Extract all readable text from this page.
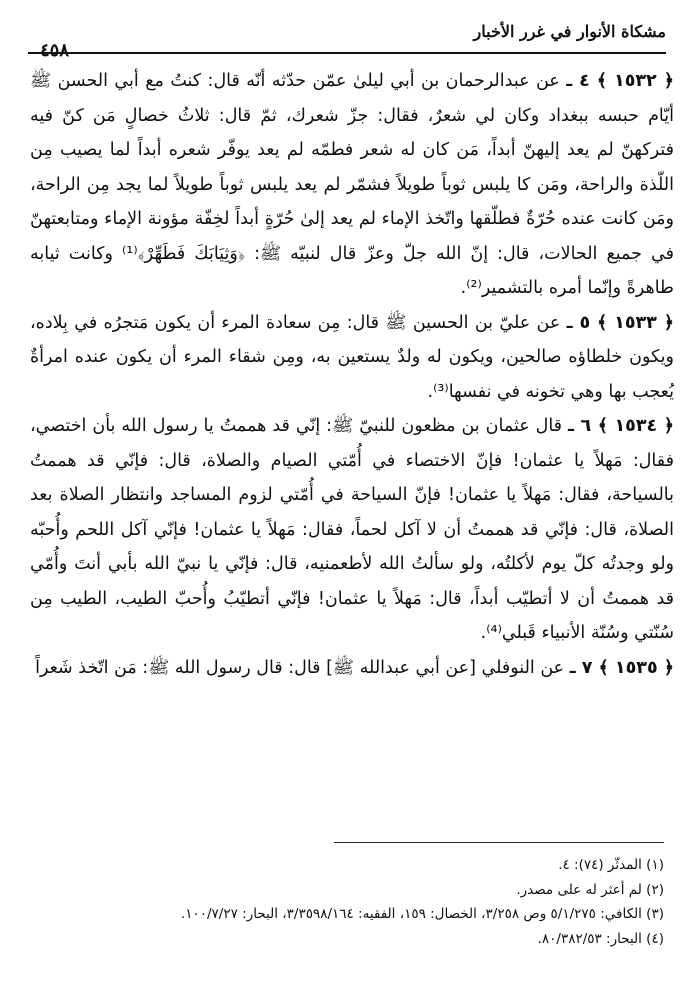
مشكاة الأنوار في غرر الأخبار
٤٥٨

﴿ ١٥٣٢ ﴾ ٤ ـ عن عبدالرحمان بن أبي ليلىٰ عمّن حدّثه أنّه قال: كنتُ مع أبي الحسن ﷺ أيّام حبسه ببغداد وكان لي شعرٌ، فقال: جزّ شعرك، ثمّ قال: ثلاثُ خصالٍ مَن كنّ فيه فتركهنّ لم يعد إليهنّ أبداً، مَن كان له شعر فطمّه لم يعد يوفّر شعره أبداً لما يصيب مِن اللّذة والراحة، ومَن كا يلبس ثوباً طويلاً فشمّر لم يعد يلبس ثوباً طويلاً لما يجد مِن الراحة، ومَن كانت عنده حُرّةٌ فطلّقها واتّخذ الإماء لم يعد إلىٰ حُرّةٍ أبداً لخِفّة مؤونة الإماء ومتابعتهنّ في جميع الحالات، قال: إنّ الله جلّ وعزّ قال لنبيّه ﷺ: ﴿وَثِيَابَكَ فَطَهِّرْ﴾⁽¹⁾ وكانت ثيابه طاهرةً وإنّما أمره بالتشمير⁽²⁾.

﴿ ١٥٣٣ ﴾ ٥ ـ عن عليّ بن الحسين ﷺ قال: مِن سعادة المرء أن يكون مَتجرُه في بِلاده، ويكون خلطاؤه صالحين، ويكون له ولدٌ يستعين به، ومِن شقاء المرء أن يكون عنده امرأةٌ يُعجب بها وهي تخونه في نفسها⁽³⁾.

﴿ ١٥٣٤ ﴾ ٦ ـ قال عثمان بن مظعون للنبيّ ﷺ: إنّي قد هممتُ يا رسول الله بأن اختصي، فقال: مَهلاً يا عثمان! فإنّ الاختصاء في أُمّتي الصيام والصلاة، قال: فإنّي قد هممتُ بالسياحة، فقال: مَهلاً يا عثمان! فإنّ السياحة في أُمّتي لزوم المساجد وانتظار الصلاة بعد الصلاة، قال: فإنّي قد هممتُ أن لا آكل لحماً، فقال: مَهلاً يا عثمان! فإنّي آكل اللحم وأُحبّه ولو وجدتُه كلّ يوم لأكلتُه، ولو سألتُ الله لأطعمنيه، قال: فإنّي يا نبيّ الله بأبي أنتَ وأُمّي قد هممتُ أن لا أتطيّب أبداً، قال: مَهلاً يا عثمان! فإنّي أتطيّبُ وأُحبّ الطيب، الطيب مِن سُنّتي وسُنّة الأنبياء قَبلي⁽⁴⁾.

﴿ ١٥٣٥ ﴾ ٧ ـ عن النوفلي [عن أبي عبدالله ﷺ] قال: قال رسول الله ﷺ: مَن اتّخذ شَعراً

(١) المدثّر (٧٤): ٤.
(٢) لم أعثر له على مصدر.
(٣) الكافي: ٥/١/٢٧٥ وص ٣/٢٥٨، الخصال: ١٥٩، الفقيه: ٣/٣٥٩٨/١٦٤، البحار: ١٠٠/٧/٢٧.
(٤) البحار: ٨٠/٣٨٢/٥٣.
